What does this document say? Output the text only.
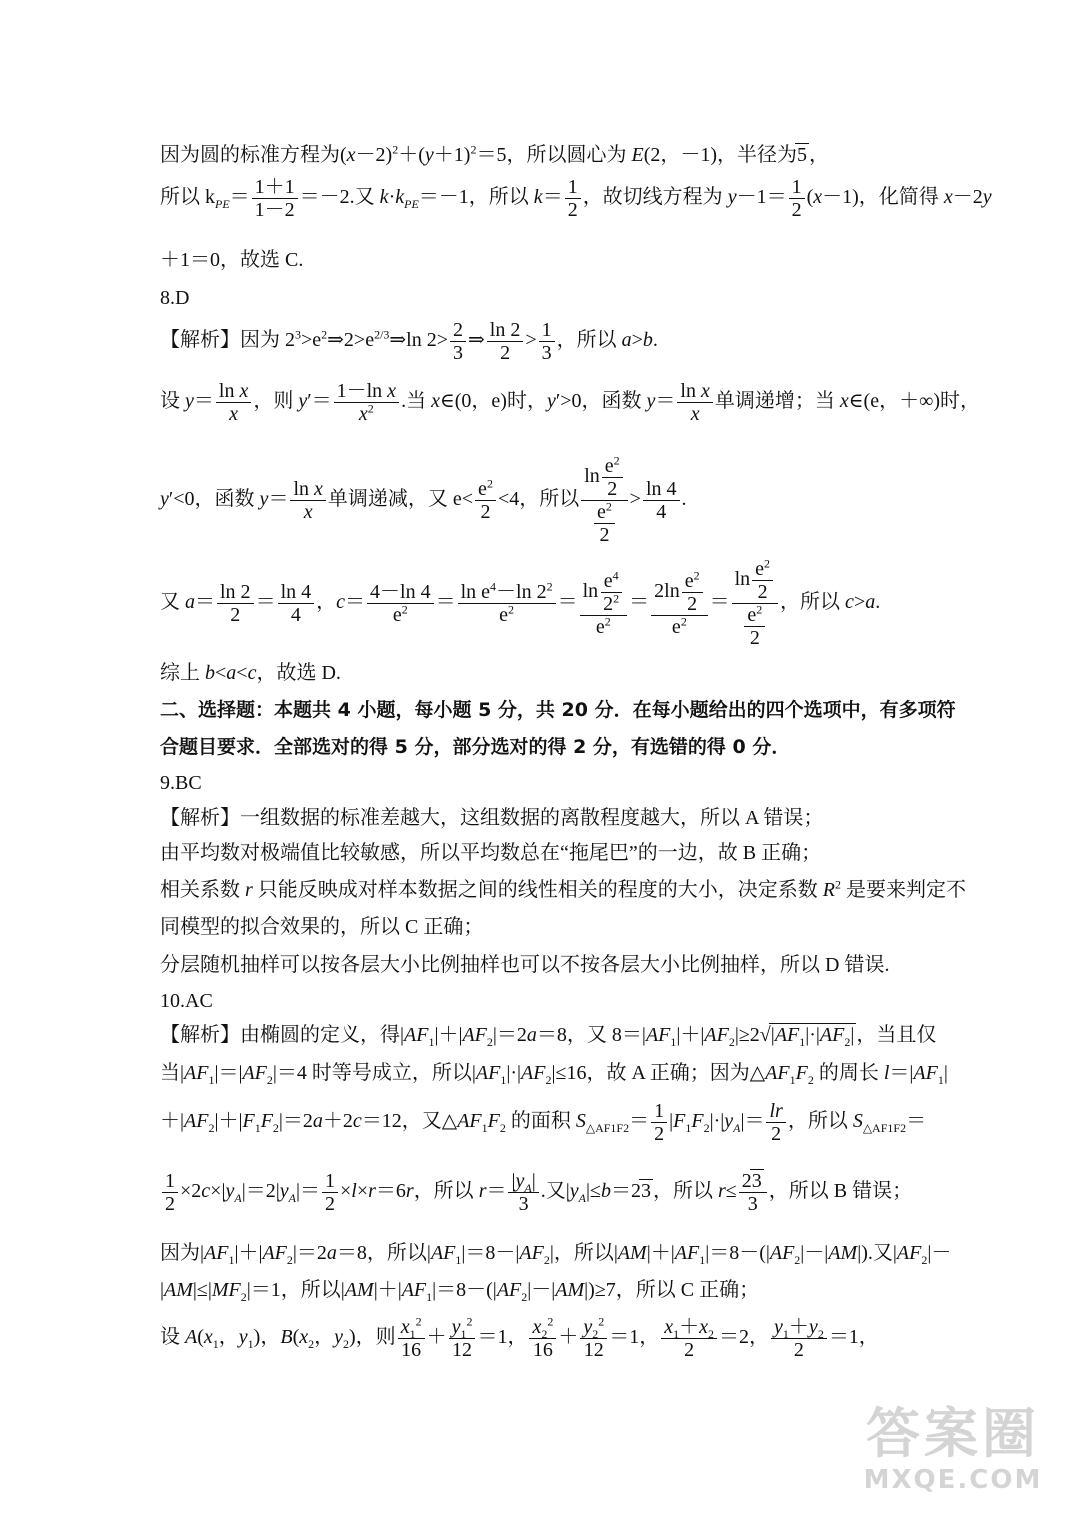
因为圆的标准方程为$(x-2)^2+(y+1)^2=5$，所以圆心为 E(2，－1)，半径为5 ，
所以 $k_{PE}= \frac{1+1}{1-2} =-2$.又 $k\cdot k_{PE}=-1$，所以 $k= \frac{1}{2}$ ，故切线方程为 $y-1= \frac{1}{2} (x-1)$，化简得 x－2y
＋1＝0，故选 C.
8.D
【解析】因为 $2^3>e^2\Rightarrow 2>e^{2/3}\Rightarrow\ln$ $2> \frac{2}{3}$ ⇒ $\frac{\ln 2}{2} > \frac{1}{3}$ ，所以 a>b.
设 $y= \frac{\text{ln x}}{x}$ ，则 $y'= \frac{\text{1－ln x}}{x^2}$ .当 x∈(0，e)时，y′>0，函数 $y= \frac{\text{ln x}}{x}$ 单调递增；当 x∈(e，＋∞)时，
y′<0，函数 $y= \frac{\text{ln x}}{x}$ 单调递减，又 $e< \frac{e^2}{2} <4$，所以 $\frac{\ln \frac{e^2}{2}}{\frac{e^2}{2}} > \frac{\ln 4}{4}$ .
又 $a= \frac{\ln 2}{2} = \frac{\ln 4}{4}$ ，$c= \frac{4-\ln 4}{e^2} = \frac{\ln e^4-\ln 2^2}{e^2} = \frac{\ln \frac{e^4}{2^2}}{e^2} = \frac{2\ln \frac{e^2}{2}}{e^2} = \frac{\ln \frac{e^2}{2}}{\frac{e^2}{2}}$ ，所以 c>a.
综上 b<a<c，故选 D.
二、选择题：本题共 4 小题，每小题 5 分，共 20 分．在每小题给出的四个选项中，有多项符
合题目要求．全部选对的得 5 分，部分选对的得 2 分，有选错的得 0 分．
9.BC
【解析】一组数据的标准差越大，这组数据的离散程度越大，所以 A 错误；
由平均数对极端值比较敏感，所以平均数总在“拖尾巴”的一边，故 B 正确；
相关系数 r 只能反映成对样本数据之间的线性相关的程度的大小，决定系数 $R^2$ 是要来判定不
同模型的拟合效果的，所以 C 正确；
分层随机抽样可以按各层大小比例抽样也可以不按各层大小比例抽样，所以 D 错误.
10.AC
【解析】由椭圆的定义，得$|AF_1|+|AF_2|=2a=8$，又 $8=|AF_1|+|AF_2|\ge 2√|AF_1|\cdot|AF_2|$ ，当且仅
当$|AF_1|=|AF_2|=4$ 时等号成立，所以$|AF_1|\cdot|AF_2|\le 16$，故 A 正确；因为$\triangle AF_1F_2$ 的周长 $l=|AF_1|$
$+|AF_2|+|F_1F_2|=2a+2c=12$，又$\triangle AF_1F_2$ 的面积 $S_{\triangle AF1F2}= \frac{1}{2} |F_1F_2|\cdot|y_A|= \frac{lr}{2}$ ，所以 $S_{\triangle AF1F2}=$
$\frac{1}{2} \times 2c\times|y_A|=2|y_A|= \frac{1}{2} \times l\times r=6r$，所以 $r= \frac{|y_A|}{3}$ .又$|y_A|\le b=23$ ，所以 $r\le \frac{23}{3}$ ，所以 B 错误；
因为$|AF_1|+|AF_2|=2a=8$，所以$|AF_1|=8-|AF_2|$，所以$|AM|+|AF_1|=8-(|AF_2|-|AM|)$.又$|AF_2|-$
$|AM|\le|MF_2|=1$，所以$|AM|+|AF_1|=8-(|AF_2|-|AM|)\ge 7$，所以 C 正确；
设 $A(x_1$，$y_1$)，$B(x_2$，$y_2$)，则 $\frac{x_1^2}{16} + \frac{y_1^2}{12} =1$， $\frac{x_2^2}{16} + \frac{y_2^2}{12} =1$， $\frac{x_1+x_2}{2} =2$， $\frac{y_1+y_2}{2} =1$，
答案圈
MXQE.COM
